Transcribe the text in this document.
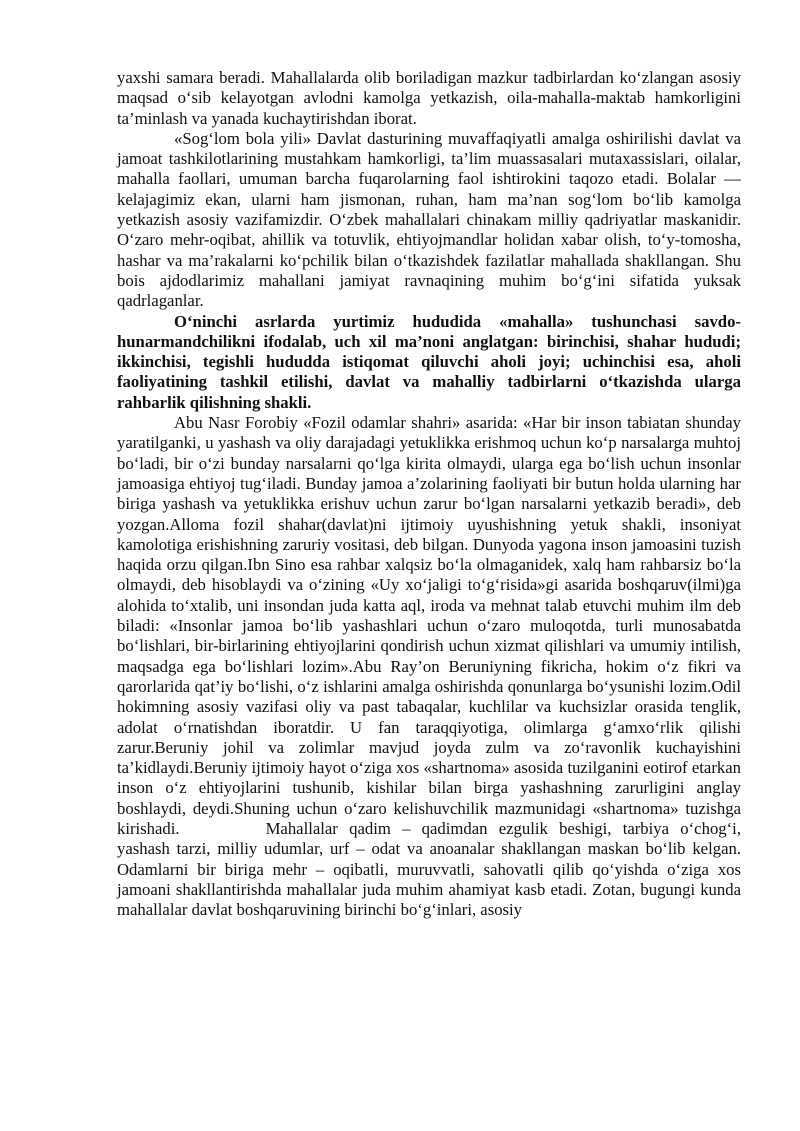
yaxshi samara beradi. Mahallalarda olib boriladigan mazkur tadbirlardan ko‘zlangan asosiy maqsad o‘sib kelayotgan avlodni kamolga yetkazish, oila-mahalla-maktab hamkorligini ta’minlash va yanada kuchaytirishdan iborat.

«Sog‘lom bola yili» Davlat dasturining muvaffaqiyatli amalga oshirilishi davlat va jamoat tashkilotlarining mustahkam hamkorligi, ta’lim muassasalari mutaxassislari, oilalar, mahalla faollari, umuman barcha fuqarolarning faol ishtirokini taqozo etadi. Bolalar — kelajagimiz ekan, ularni ham jismonan, ruhan, ham ma’nan sog‘lom bo‘lib kamolga yetkazish asosiy vazifamizdir. O‘zbek mahallalari chinakam milliy qadriyatlar maskanidir. O‘zaro mehr-oqibat, ahillik va totuvlik, ehtiyojmandlar holidan xabar olish, to‘y-tomosha, hashar va ma’rakalarni ko‘pchilik bilan o‘tkazishdek fazilatlar mahallada shakllangan. Shu bois ajdodlarimiz mahallani jamiyat ravnaqining muhim bo‘g‘ini sifatida yuksak qadrlaganlar.

O‘ninchi asrlarda yurtimiz hududida «mahalla» tushunchasi savdo-hunarmandchilikni ifodalab, uch xil ma’noni anglatgan: birinchisi, shahar hududi; ikkinchisi, tegishli hududda istiqomat qiluvchi aholi joyi; uchinchisi esa, aholi faoliyatining tashkil etilishi, davlat va mahalliy tadbirlarni o‘tkazishda ularga rahbarlik qilishning shakli.

Abu Nasr Forobiy «Fozil odamlar shahri» asarida: «Har bir inson tabiatan shunday yaratilganki, u yashash va oliy darajadagi yetuklikka erishmoq uchun ko‘p narsalarga muhtoj bo‘ladi, bir o‘zi bunday narsalarni qo‘lga kirita olmaydi, ularga ega bo‘lish uchun insonlar jamoasiga ehtiyoj tug‘iladi. Bunday jamoa a’zolarining faoliyati bir butun holda ularning har biriga yashash va yetuklikka erishuv uchun zarur bo‘lgan narsalarni yetkazib beradi», deb yozgan.Alloma fozil shahar(davlat)ni ijtimoiy uyushishning yetuk shakli, insoniyat kamolotiga erishishning zaruriy vositasi, deb bilgan. Dunyoda yagona inson jamoasini tuzish haqida orzu qilgan.Ibn Sino esa rahbar xalqsiz bo‘la olmaganidek, xalq ham rahbarsiz bo‘la olmaydi, deb hisoblaydi va o‘zining «Uy xo‘jaligi to‘g‘risida»gi asarida boshqaruv(ilmi)ga alohida to‘xtalib, uni insondan juda katta aql, iroda va mehnat talab etuvchi muhim ilm deb biladi: «Insonlar jamoa bo‘lib yashashlari uchun o‘zaro muloqotda, turli munosabatda bo‘lishlari, bir-birlarining ehtiyojlarini qondirish uchun xizmat qilishlari va umumiy intilish, maqsadga ega bo‘lishlari lozim».Abu Ray’on Beruniyning fikricha, hokim o‘z fikri va qarorlarida qat’iy bo‘lishi, o‘z ishlarini amalga oshirishda qonunlarga bo‘ysunishi lozim.Odil hokimning asosiy vazifasi oliy va past tabaqalar, kuchlilar va kuchsizlar orasida tenglik, adolat o‘rnatishdan iboratdir. U fan taraqqiyotiga, olimlarga g‘amxo‘rlik qilishi zarur.Beruniy johil va zolimlar mavjud joyda zulm va zo‘ravonlik kuchayishini ta’kidlaydi.Beruniy ijtimoiy hayot o‘ziga xos «shartnoma» asosida tuzilganini eotirof etarkan inson o‘z ehtiyojlarini tushunib, kishilar bilan birga yashashning zarurligini anglay boshlaydi, deydi.Shuning uchun o‘zaro kelishuvchilik mazmunidagi «shartnoma» tuzishga kirishadi.	Mahallalar qadim – qadimdan ezgulik beshigi, tarbiya o‘chog‘i, yashash tarzi, milliy udumlar, urf – odat va anoanalar shakllangan maskan bo‘lib kelgan. Odamlarni bir biriga mehr – oqibatli, muruvvatli, sahovatli qilib qo‘yishda o‘ziga xos jamoani shakllantirishda mahallalar juda muhim ahamiyat kasb etadi. Zotan, bugungi kunda mahallalar davlat boshqaruvining birinchi bo‘g‘inlari, asosiy
